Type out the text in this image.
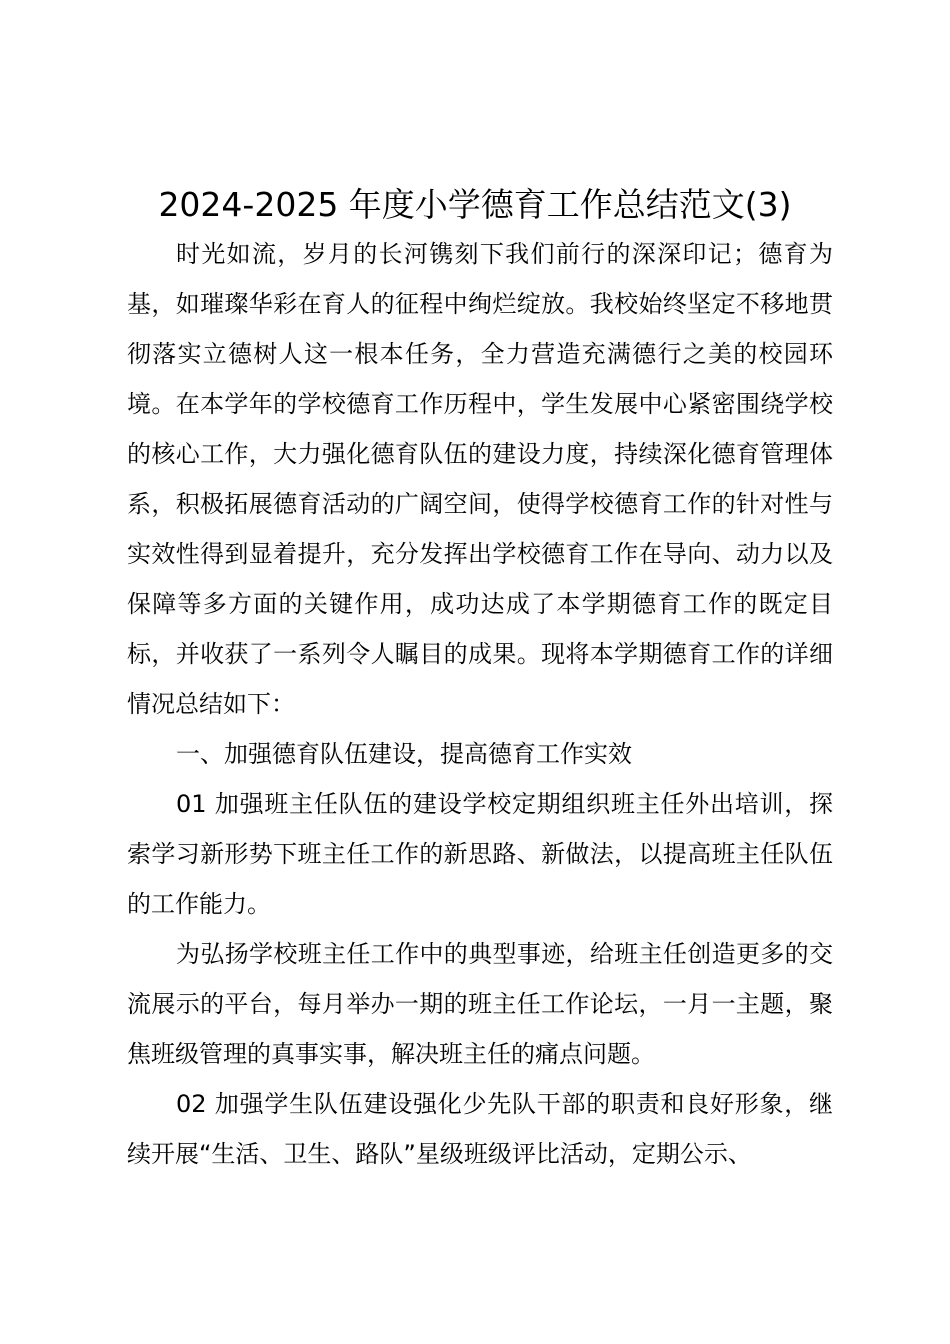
2024-2025 年度小学德育工作总结范文(3)

时光如流，岁月的长河镌刻下我们前行的深深印记；德育为基，如璀璨华彩在育人的征程中绚烂绽放。我校始终坚定不移地贯彻落实立德树人这一根本任务，全力营造充满德行之美的校园环境。在本学年的学校德育工作历程中，学生发展中心紧密围绕学校的核心工作，大力强化德育队伍的建设力度，持续深化德育管理体系，积极拓展德育活动的广阔空间，使得学校德育工作的针对性与实效性得到显着提升，充分发挥出学校德育工作在导向、动力以及保障等多方面的关键作用，成功达成了本学期德育工作的既定目标，并收获了一系列令人瞩目的成果。现将本学期德育工作的详细情况总结如下：

一、加强德育队伍建设，提高德育工作实效

01 加强班主任队伍的建设学校定期组织班主任外出培训，探索学习新形势下班主任工作的新思路、新做法，以提高班主任队伍的工作能力。

为弘扬学校班主任工作中的典型事迹，给班主任创造更多的交流展示的平台，每月举办一期的班主任工作论坛，一月一主题，聚焦班级管理的真事实事，解决班主任的痛点问题。

02 加强学生队伍建设强化少先队干部的职责和良好形象，继续开展“生活、卫生、路队”星级班级评比活动，定期公示、
